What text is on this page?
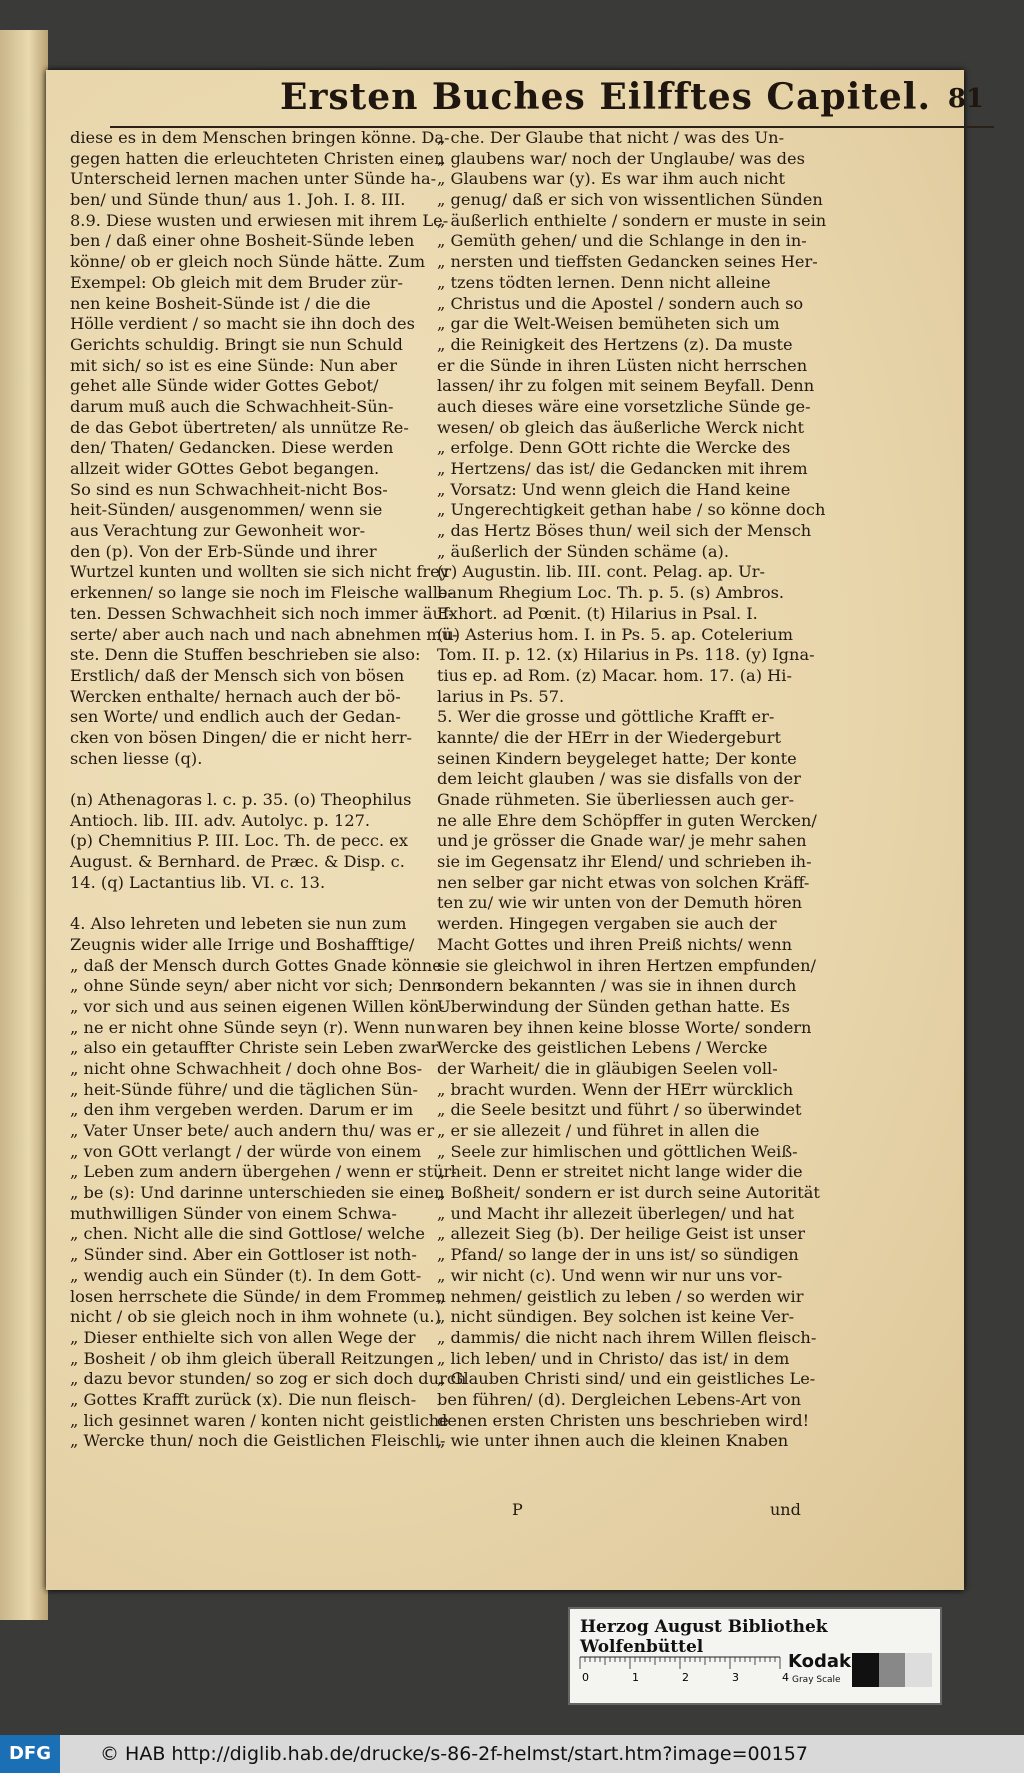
Ersten Buches Eilfftes Capitel. 81
diese es in dem Menschen bringen könne. Da-
gegen hatten die erleuchteten Christen einen
Unterscheid lernen machen unter Sünde ha-
ben/ und Sünde thun/ aus 1. Joh. I. 8. III.
8.9. Diese wusten und erwiesen mit ihrem Le-
ben / daß einer ohne Bosheit-Sünde leben
könne/ ob er gleich noch Sünde hätte. Zum
Exempel: Ob gleich mit dem Bruder zür-
nen keine Bosheit-Sünde ist / die die
Hölle verdient / so macht sie ihn doch des
Gerichts schuldig. Bringt sie nun Schuld
mit sich/ so ist es eine Sünde: Nun aber
gehet alle Sünde wider Gottes Gebot/
darum muß auch die Schwachheit-Sün-
de das Gebot übertreten/ als unnütze Re-
den/ Thaten/ Gedancken. Diese werden
allzeit wider GOttes Gebot begangen.
So sind es nun Schwachheit-nicht Bos-
heit-Sünden/ ausgenommen/ wenn sie
aus Verachtung zur Gewonheit wor-
den (p). Von der Erb-Sünde und ihrer
Wurtzel kunten und wollten sie sich nicht frey
erkennen/ so lange sie noch im Fleische walle-
ten. Dessen Schwachheit sich noch immer äuf-
serte/ aber auch nach und nach abnehmen mü-
ste. Denn die Stuffen beschrieben sie also:
Erstlich/ daß der Mensch sich von bösen
Wercken enthalte/ hernach auch der bö-
sen Worte/ und endlich auch der Gedan-
cken von bösen Dingen/ die er nicht herr-
schen liesse (q).
(n) Athenagoras l. c. p. 35. (o) Theophilus
Antioch. lib. III. adv. Autolyc. p. 127.
(p) Chemnitius P. III. Loc. Th. de pecc. ex
August. & Bernhard. de Præc. & Disp. c.
14. (q) Lactantius lib. VI. c. 13.
4. Also lehreten und lebeten sie nun zum
Zeugnis wider alle Irrige und Boshafftige/
„ daß der Mensch durch Gottes Gnade könne
„ ohne Sünde seyn/ aber nicht vor sich; Denn
„ vor sich und aus seinen eigenen Willen kön-
„ ne er nicht ohne Sünde seyn (r). Wenn nun
„ also ein getauffter Christe sein Leben zwar
„ nicht ohne Schwachheit / doch ohne Bos-
„ heit-Sünde führe/ und die täglichen Sün-
„ den ihm vergeben werden. Darum er im
„ Vater Unser bete/ auch andern thu/ was er
„ von GOtt verlangt / der würde von einem
„ Leben zum andern übergehen / wenn er stür-
„ be (s): Und darinne unterschieden sie einen
muthwilligen Sünder von einem Schwa-
„ chen. Nicht alle die sind Gottlose/ welche
„ Sünder sind. Aber ein Gottloser ist noth-
„ wendig auch ein Sünder (t). In dem Gott-
losen herrschete die Sünde/ in dem Frommen
nicht / ob sie gleich noch in ihm wohnete (u.)
„ Dieser enthielte sich von allen Wege der
„ Bosheit / ob ihm gleich überall Reitzungen
„ dazu bevor stunden/ so zog er sich doch durch
„ Gottes Krafft zurück (x). Die nun fleisch-
„ lich gesinnet waren / konten nicht geistliche
„ Wercke thun/ noch die Geistlichen Fleischli-
„ che. Der Glaube that nicht / was des Un-
„ glaubens war/ noch der Unglaube/ was des
„ Glaubens war (y). Es war ihm auch nicht
„ genug/ daß er sich von wissentlichen Sünden
„ äußerlich enthielte / sondern er muste in sein
„ Gemüth gehen/ und die Schlange in den in-
„ nersten und tieffsten Gedancken seines Her-
„ tzens tödten lernen. Denn nicht alleine
„ Christus und die Apostel / sondern auch so
„ gar die Welt-Weisen bemüheten sich um
„ die Reinigkeit des Hertzens (z). Da muste
er die Sünde in ihren Lüsten nicht herrschen
lassen/ ihr zu folgen mit seinem Beyfall. Denn
auch dieses wäre eine vorsetzliche Sünde ge-
wesen/ ob gleich das äußerliche Werck nicht
„ erfolge. Denn GOtt richte die Wercke des
„ Hertzens/ das ist/ die Gedancken mit ihrem
„ Vorsatz: Und wenn gleich die Hand keine
„ Ungerechtigkeit gethan habe / so könne doch
„ das Hertz Böses thun/ weil sich der Mensch
„ äußerlich der Sünden schäme (a).
(r) Augustin. lib. III. cont. Pelag. ap. Ur-
banum Rhegium Loc. Th. p. 5. (s) Ambros.
Exhort. ad Pœnit. (t) Hilarius in Psal. I.
(u) Asterius hom. I. in Ps. 5. ap. Cotelerium
Tom. II. p. 12. (x) Hilarius in Ps. 118. (y) Igna-
tius ep. ad Rom. (z) Macar. hom. 17. (a) Hi-
larius in Ps. 57.
5. Wer die grosse und göttliche Krafft er-
kannte/ die der HErr in der Wiedergeburt
seinen Kindern beygeleget hatte; Der konte
dem leicht glauben / was sie disfalls von der
Gnade rühmeten. Sie überliessen auch ger-
ne alle Ehre dem Schöpffer in guten Wercken/
und je grösser die Gnade war/ je mehr sahen
sie im Gegensatz ihr Elend/ und schrieben ih-
nen selber gar nicht etwas von solchen Kräff-
ten zu/ wie wir unten von der Demuth hören
werden. Hingegen vergaben sie auch der
Macht Gottes und ihren Preiß nichts/ wenn
sie sie gleichwol in ihren Hertzen empfunden/
sondern bekannten / was sie in ihnen durch
Uberwindung der Sünden gethan hatte. Es
waren bey ihnen keine blosse Worte/ sondern
Wercke des geistlichen Lebens / Wercke
der Warheit/ die in gläubigen Seelen voll-
„ bracht wurden. Wenn der HErr würcklich
„ die Seele besitzt und führt / so überwindet
„ er sie allezeit / und führet in allen die
„ Seele zur himlischen und göttlichen Weiß-
„ heit. Denn er streitet nicht lange wider die
„ Boßheit/ sondern er ist durch seine Autorität
„ und Macht ihr allezeit überlegen/ und hat
„ allezeit Sieg (b). Der heilige Geist ist unser
„ Pfand/ so lange der in uns ist/ so sündigen
„ wir nicht (c). Und wenn wir nur uns vor-
„ nehmen/ geistlich zu leben / so werden wir
„ nicht sündigen. Bey solchen ist keine Ver-
„ dammis/ die nicht nach ihrem Willen fleisch-
„ lich leben/ und in Christo/ das ist/ in dem
„ Glauben Christi sind/ und ein geistliches Le-
ben führen/ (d). Dergleichen Lebens-Art von
denen ersten Christen uns beschrieben wird!
„ wie unter ihnen auch die kleinen Knaben
P	und
Herzog August Bibliothek Wolfenbüttel
0	1	2	3	4
Kodak
Gray Scale
DFG	© HAB http://diglib.hab.de/drucke/s-86-2f-helmst/start.htm?image=00157
